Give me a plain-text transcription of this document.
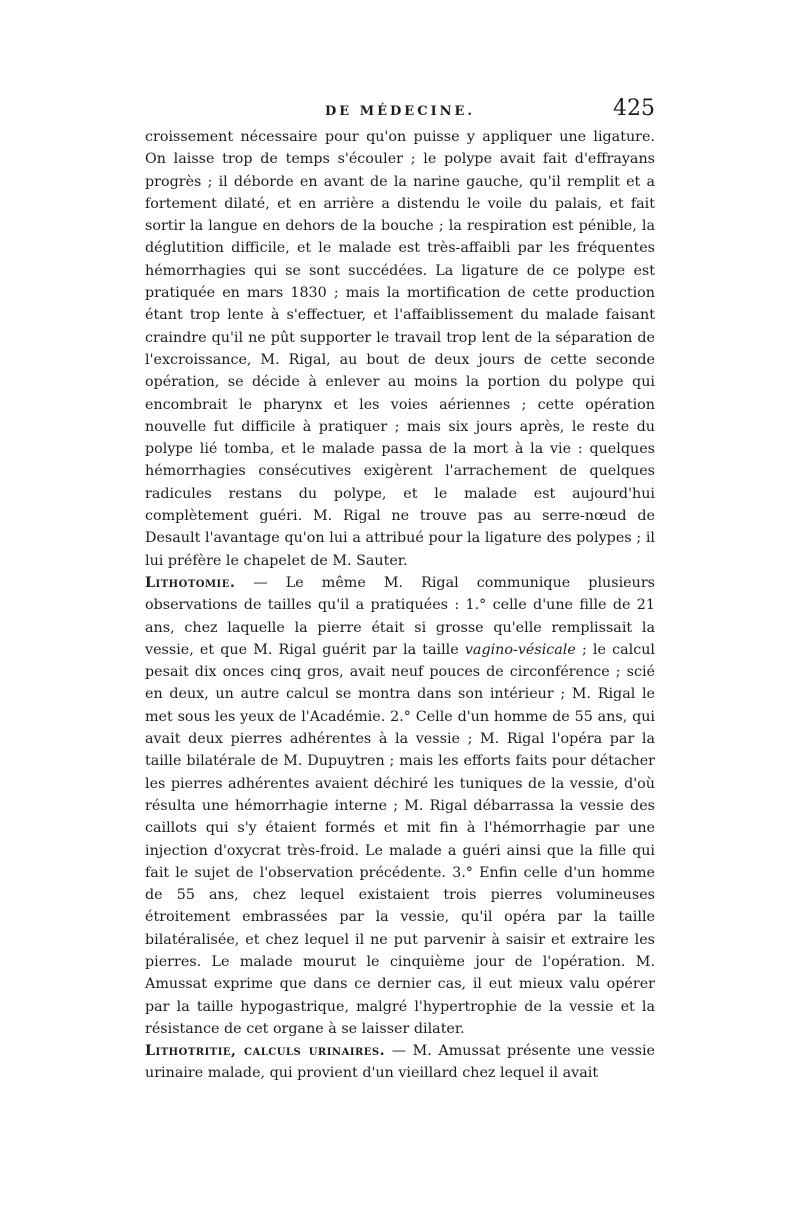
DE MÉDECINE.	425

croissement nécessaire pour qu'on puisse y appliquer une ligature. On laisse trop de temps s'écouler ; le polype avait fait d'effrayans progrès ; il déborde en avant de la narine gauche, qu'il remplit et a fortement dilaté, et en arrière a distendu le voile du palais, et fait sortir la langue en dehors de la bouche ; la respiration est pénible, la déglutition difficile, et le malade est très-affaibli par les fréquentes hémorrhagies qui se sont succédées. La ligature de ce polype est pratiquée en mars 1830 ; mais la mortification de cette production étant trop lente à s'effectuer, et l'affaiblissement du malade faisant craindre qu'il ne pût supporter le travail trop lent de la séparation de l'excroissance, M. Rigal, au bout de deux jours de cette seconde opération, se décide à enlever au moins la portion du polype qui encombrait le pharynx et les voies aériennes ; cette opération nouvelle fut difficile à pratiquer ; mais six jours après, le reste du polype lié tomba, et le malade passa de la mort à la vie : quelques hémorrhagies consécutives exigèrent l'arrachement de quelques radicules restans du polype, et le malade est aujourd'hui complètement guéri. M. Rigal ne trouve pas au serre-nœud de Desault l'avantage qu'on lui a attribué pour la ligature des polypes ; il lui préfère le chapelet de M. Sauter.

Lithotomie. — Le même M. Rigal communique plusieurs observations de tailles qu'il a pratiquées : 1.° celle d'une fille de 21 ans, chez laquelle la pierre était si grosse qu'elle remplissait la vessie, et que M. Rigal guérit par la taille vagino-vésicale ; le calcul pesait dix onces cinq gros, avait neuf pouces de circonférence ; scié en deux, un autre calcul se montra dans son intérieur ; M. Rigal le met sous les yeux de l'Académie. 2.° Celle d'un homme de 55 ans, qui avait deux pierres adhérentes à la vessie ; M. Rigal l'opéra par la taille bilatérale de M. Dupuytren ; mais les efforts faits pour détacher les pierres adhérentes avaient déchiré les tuniques de la vessie, d'où résulta une hémorrhagie interne ; M. Rigal débarrassa la vessie des caillots qui s'y étaient formés et mit fin à l'hémorrhagie par une injection d'oxycrat très-froid. Le malade a guéri ainsi que la fille qui fait le sujet de l'observation précédente. 3.° Enfin celle d'un homme de 55 ans, chez lequel existaient trois pierres volumineuses étroitement embrassées par la vessie, qu'il opéra par la taille bilatéralisée, et chez lequel il ne put parvenir à saisir et extraire les pierres. Le malade mourut le cinquième jour de l'opération. M. Amussat exprime que dans ce dernier cas, il eut mieux valu opérer par la taille hypogastrique, malgré l'hypertrophie de la vessie et la résistance de cet organe à se laisser dilater.

Lithotritie, calculs urinaires. — M. Amussat présente une vessie urinaire malade, qui provient d'un vieillard chez lequel il avait
